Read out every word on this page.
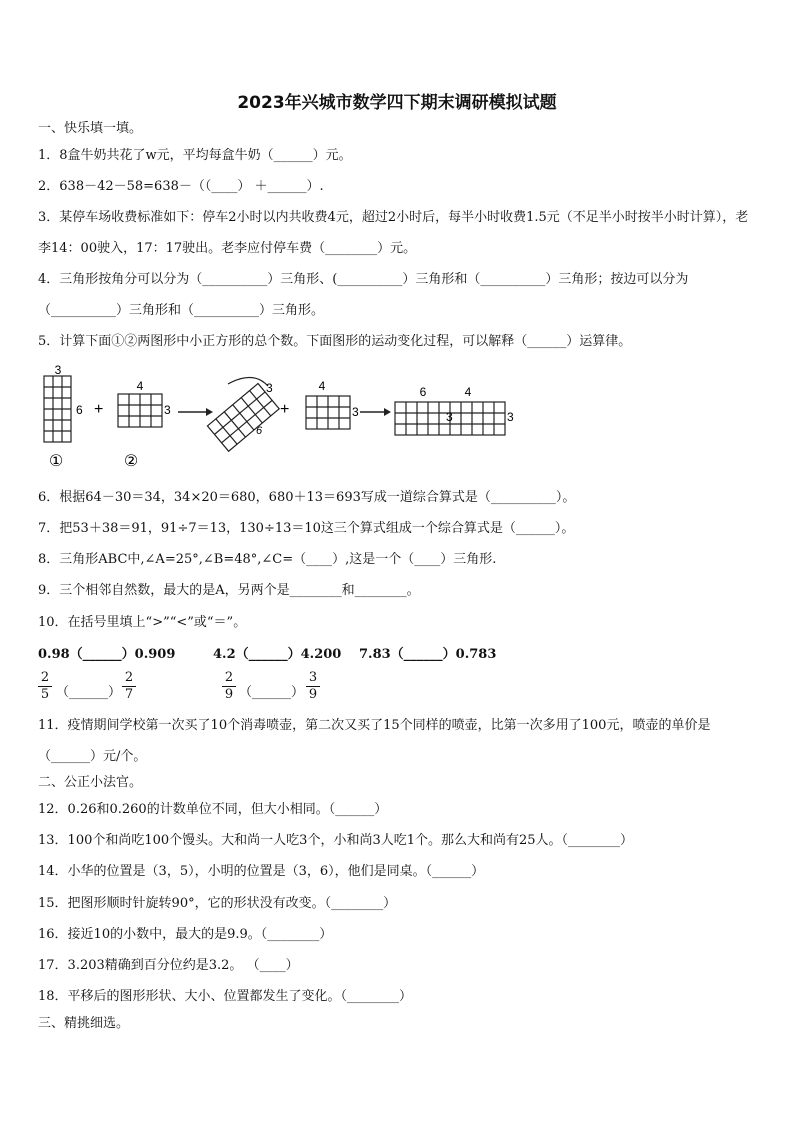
2023年兴城市数学四下期末调研模拟试题
一、快乐填一填。
1．8盒牛奶共花了w元，平均每盒牛奶（______）元。
2．638－42－58=638－（（____） ＋______）.
3．某停车场收费标准如下：停车2小时以内共收费4元，超过2小时后，每半小时收费1.5元（不足半小时按半小时计算），老李14：00驶入，17：17驶出。老李应付停车费（________）元。
4．三角形按角分可以分为（__________）三角形、(__________）三角形和（__________）三角形；按边可以分为（__________）三角形和（__________）三角形。
5．计算下面①②两图形中小正方形的总个数。下面图形的运动变化过程，可以解释（______）运算律。
3
6 +
4
3
3
6
+
4
3
6	4
3	3
①	②
6．根据64－30＝34，34×20＝680，680＋13＝693写成一道综合算式是（__________）。
7．把53＋38＝91，91÷7＝13，130÷13＝10这三个算式组成一个综合算式是（______）。
8．三角形ABC中,∠A=25°,∠B=48°,∠C=（____）,这是一个（____）三角形.
9．三个相邻自然数，最大的是A，另两个是________和________。
10．在括号里填上“>”“<”或“＝”。
0.98（______）0.909	4.2（______）4.200 7.83（______）0.783
$\frac{2}{5}$ （______） $\frac{2}{7}$	$\frac{2}{9}$ （______） $\frac{3}{9}$
11．疫情期间学校第一次买了10个消毒喷壶，第二次又买了15个同样的喷壶，比第一次多用了100元，喷壶的单价是（______）元/个。
二、公正小法官。
12．0.26和0.260的计数单位不同，但大小相同。（______）
13．100个和尚吃100个馒头。大和尚一人吃3个，小和尚3人吃1个。那么大和尚有25人。（________）
14．小华的位置是（3，5），小明的位置是（3，6），他们是同桌。（______）
15．把图形顺时针旋转90°，它的形状没有改变。（________）
16．接近10的小数中，最大的是9.9。（________）
17．3.203精确到百分位约是3.2。 （____）
18．平移后的图形形状、大小、位置都发生了变化。（________）
三、精挑细选。
